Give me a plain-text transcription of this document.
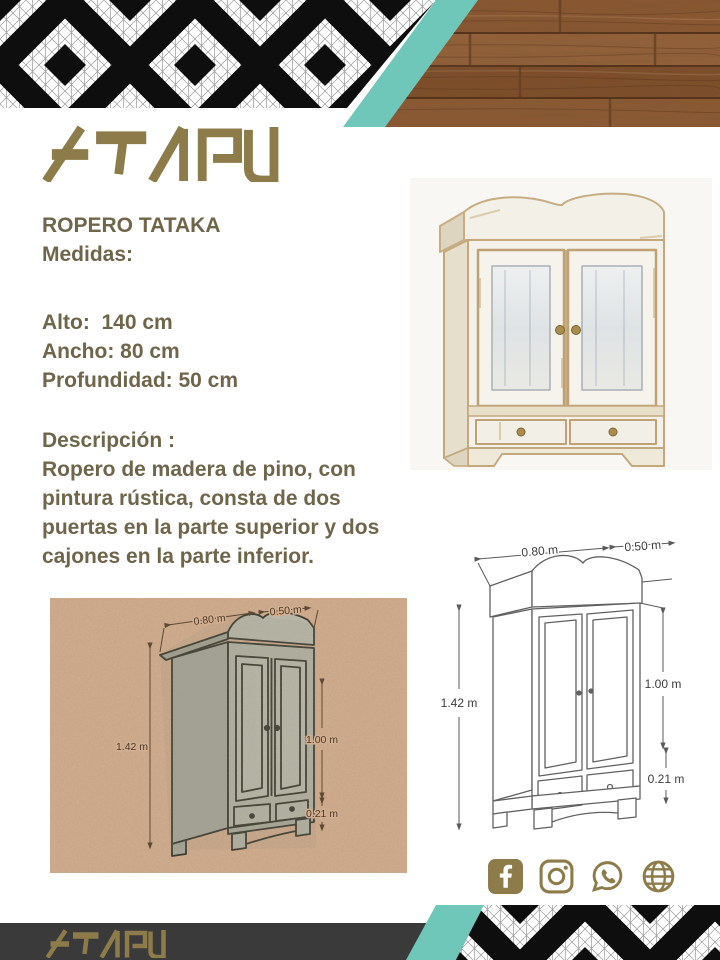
ROPERO TATAKA

Medidas:

Alto:  140 cm

Ancho: 80 cm

Profundidad: 50 cm

Descripción :

Ropero de madera de pino, con

pintura rústica, consta de dos

puertas en la parte superior y dos

cajones en la parte inferior.

0.80 m
0.50 m
1.42 m
1.00 m
0.21 m
0.80 m	0.50 m
1.42 m
1.00 m
0.21 m
